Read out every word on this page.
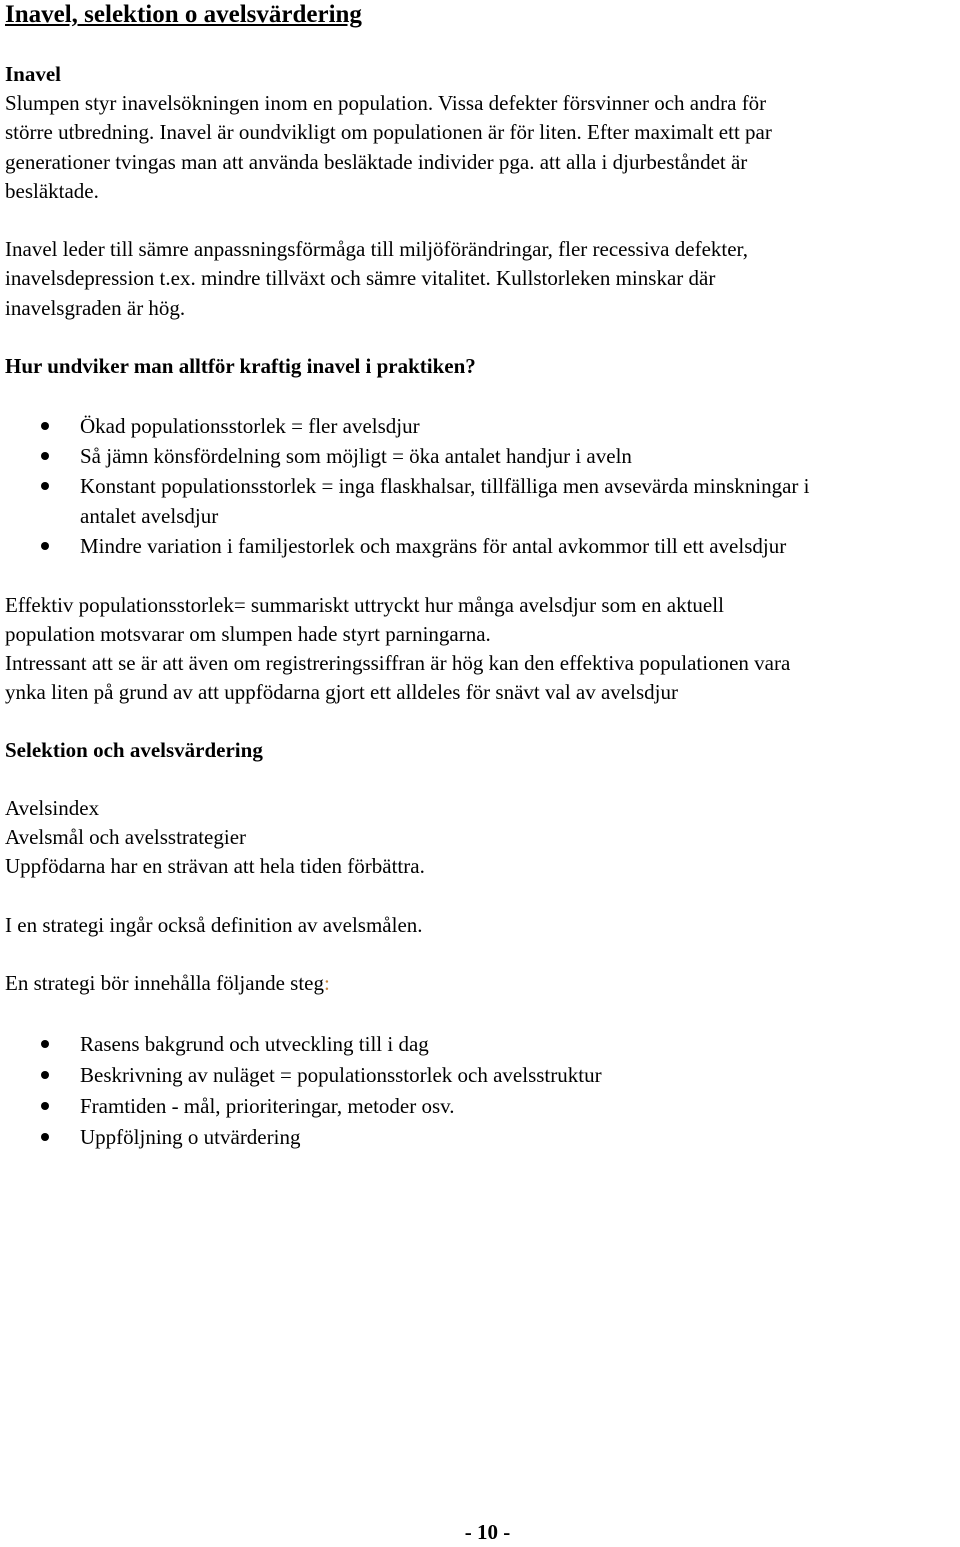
Inavel, selektion o avelsvärdering

Inavel

Slumpen styr inavelsökningen inom en population. Vissa defekter försvinner och andra för

större utbredning. Inavel är oundvikligt om populationen är för liten. Efter maximalt ett par

generationer tvingas man att använda besläktade individer pga. att alla i djurbeståndet är

besläktade.

Inavel leder till sämre anpassningsförmåga till miljöförändringar, fler recessiva defekter,

inavelsdepression t.ex. mindre tillväxt och sämre vitalitet. Kullstorleken minskar där

inavelsgraden är hög.

Hur undviker man alltför kraftig inavel i praktiken?

Ökad populationsstorlek = fler avelsdjur
Så jämn könsfördelning som möjligt = öka antalet handjur i aveln
Konstant populationsstorlek = inga flaskhalsar, tillfälliga men avsevärda minskningar i
antalet avelsdjur
Mindre variation i familjestorlek och maxgräns för antal avkommor till ett avelsdjur

Effektiv populationsstorlek= summariskt uttryckt hur många avelsdjur som en aktuell

population motsvarar om slumpen hade styrt parningarna.

Intressant att se är att även om registreringssiffran är hög kan den effektiva populationen vara

ynka liten på grund av att uppfödarna gjort ett alldeles för snävt val av avelsdjur

Selektion och avelsvärdering

Avelsindex

Avelsmål och avelsstrategier

Uppfödarna har en strävan att hela tiden förbättra.

I en strategi ingår också definition av avelsmålen.

En strategi bör innehålla följande steg:

Rasens bakgrund och utveckling till i dag
Beskrivning av nuläget = populationsstorlek och avelsstruktur
Framtiden - mål, prioriteringar, metoder osv.
Uppföljning o utvärdering
- 10 -
